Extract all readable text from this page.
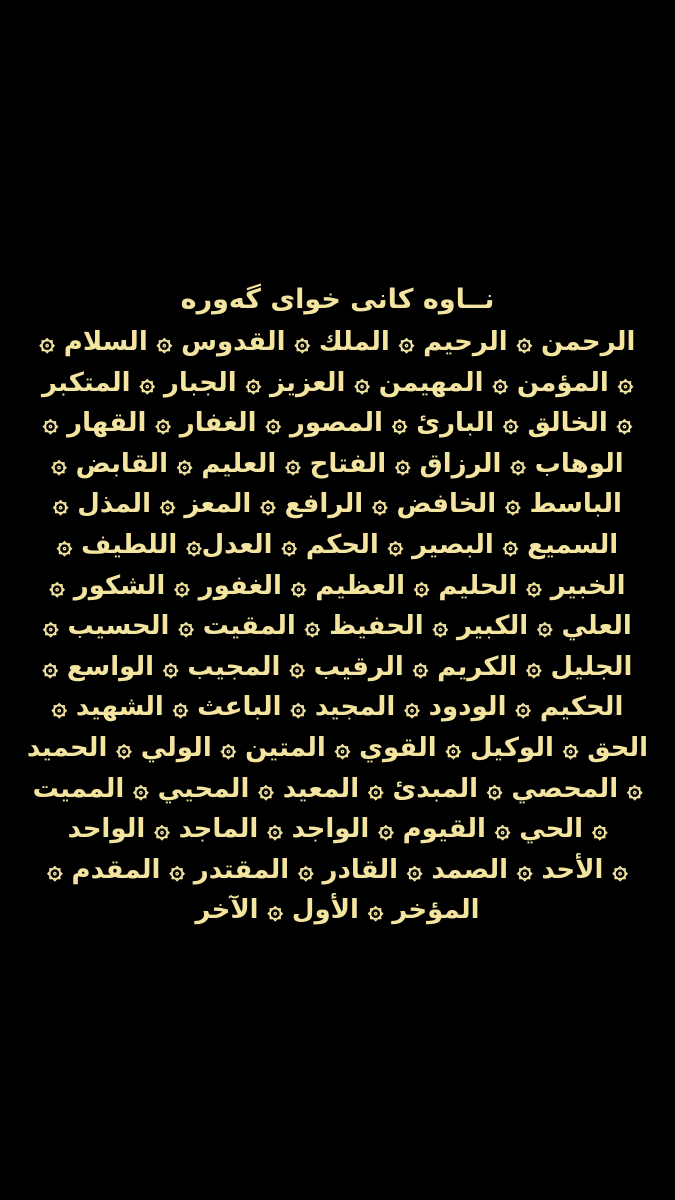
نــاوه كانى خواى گەورە
الرحمن ۞ الرحيم ۞ الملك ۞ القدوس ۞ السلام ۞
۞ المؤمن ۞ المهيمن ۞ العزيز ۞ الجبار ۞ المتكبر
۞ الخالق ۞ البارئ ۞ المصور ۞ الغفار ۞ القهار ۞
الوهاب ۞ الرزاق ۞ الفتاح ۞ العليم ۞ القابض ۞
الباسط ۞ الخافض ۞ الرافع ۞ المعز ۞ المذل ۞
السميع ۞ البصير ۞ الحكم ۞ العدل۞ اللطيف ۞
الخبير ۞ الحليم ۞ العظيم ۞ الغفور ۞ الشكور ۞
العلي ۞ الكبير ۞ الحفيظ ۞ المقيت ۞ الحسيب ۞
الجليل ۞ الكريم ۞ الرقيب ۞ المجيب ۞ الواسع ۞
الحكيم ۞ الودود ۞ المجيد ۞ الباعث ۞ الشهيد ۞
الحق ۞ الوكيل ۞ القوي ۞ المتين ۞ الولي ۞ الحميد
۞ المحصي ۞ المبدئ ۞ المعيد ۞ المحيي ۞ المميت
۞ الحي ۞ القيوم ۞ الواجد ۞ الماجد ۞ الواحد
۞ الأحد ۞ الصمد ۞ القادر ۞ المقتدر ۞ المقدم ۞
المؤخر ۞ الأول ۞ الآخر
